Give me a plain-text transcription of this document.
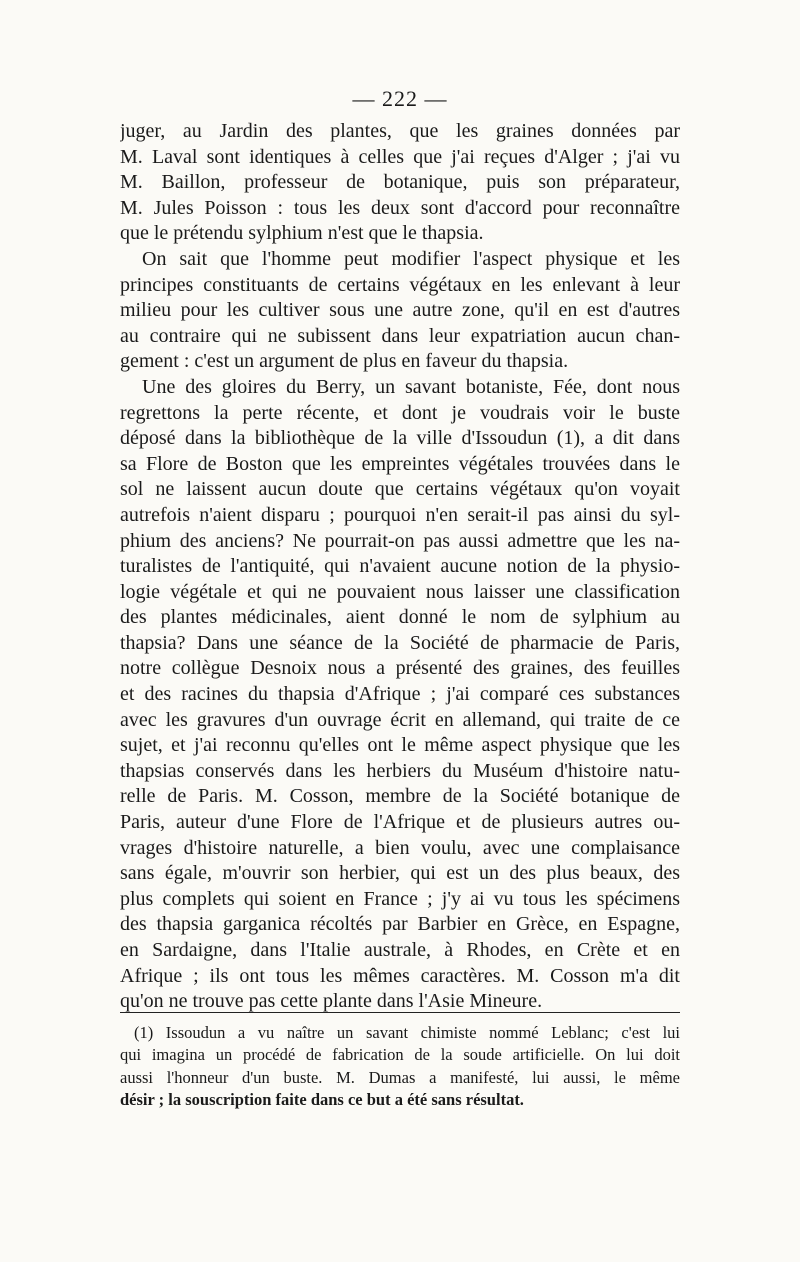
— 222 —
juger, au Jardin des plantes, que les graines données par
M. Laval sont identiques à celles que j'ai reçues d'Alger ; j'ai vu
M. Baillon, professeur de botanique, puis son préparateur,
M. Jules Poisson : tous les deux sont d'accord pour reconnaître
que le prétendu sylphium n'est que le thapsia.
On sait que l'homme peut modifier l'aspect physique et les
principes constituants de certains végétaux en les enlevant à leur
milieu pour les cultiver sous une autre zone, qu'il en est d'autres
au contraire qui ne subissent dans leur expatriation aucun chan-
gement : c'est un argument de plus en faveur du thapsia.
Une des gloires du Berry, un savant botaniste, Fée, dont nous
regrettons la perte récente, et dont je voudrais voir le buste
déposé dans la bibliothèque de la ville d'Issoudun (1), a dit dans
sa Flore de Boston que les empreintes végétales trouvées dans le
sol ne laissent aucun doute que certains végétaux qu'on voyait
autrefois n'aient disparu ; pourquoi n'en serait-il pas ainsi du syl-
phium des anciens? Ne pourrait-on pas aussi admettre que les na-
turalistes de l'antiquité, qui n'avaient aucune notion de la physio-
logie végétale et qui ne pouvaient nous laisser une classification
des plantes médicinales, aient donné le nom de sylphium au
thapsia? Dans une séance de la Société de pharmacie de Paris,
notre collègue Desnoix nous a présenté des graines, des feuilles
et des racines du thapsia d'Afrique ; j'ai comparé ces substances
avec les gravures d'un ouvrage écrit en allemand, qui traite de ce
sujet, et j'ai reconnu qu'elles ont le même aspect physique que les
thapsias conservés dans les herbiers du Muséum d'histoire natu-
relle de Paris. M. Cosson, membre de la Société botanique de
Paris, auteur d'une Flore de l'Afrique et de plusieurs autres ou-
vrages d'histoire naturelle, a bien voulu, avec une complaisance
sans égale, m'ouvrir son herbier, qui est un des plus beaux, des
plus complets qui soient en France ; j'y ai vu tous les spécimens
des thapsia garganica récoltés par Barbier en Grèce, en Espagne,
en Sardaigne, dans l'Italie australe, à Rhodes, en Crète et en
Afrique ; ils ont tous les mêmes caractères. M. Cosson m'a dit
qu'on ne trouve pas cette plante dans l'Asie Mineure.
(1) Issoudun a vu naître un savant chimiste nommé Leblanc; c'est lui
qui imagina un procédé de fabrication de la soude artificielle. On lui doit
aussi l'honneur d'un buste. M. Dumas a manifesté, lui aussi, le même
désir ; la souscription faite dans ce but a été sans résultat.
